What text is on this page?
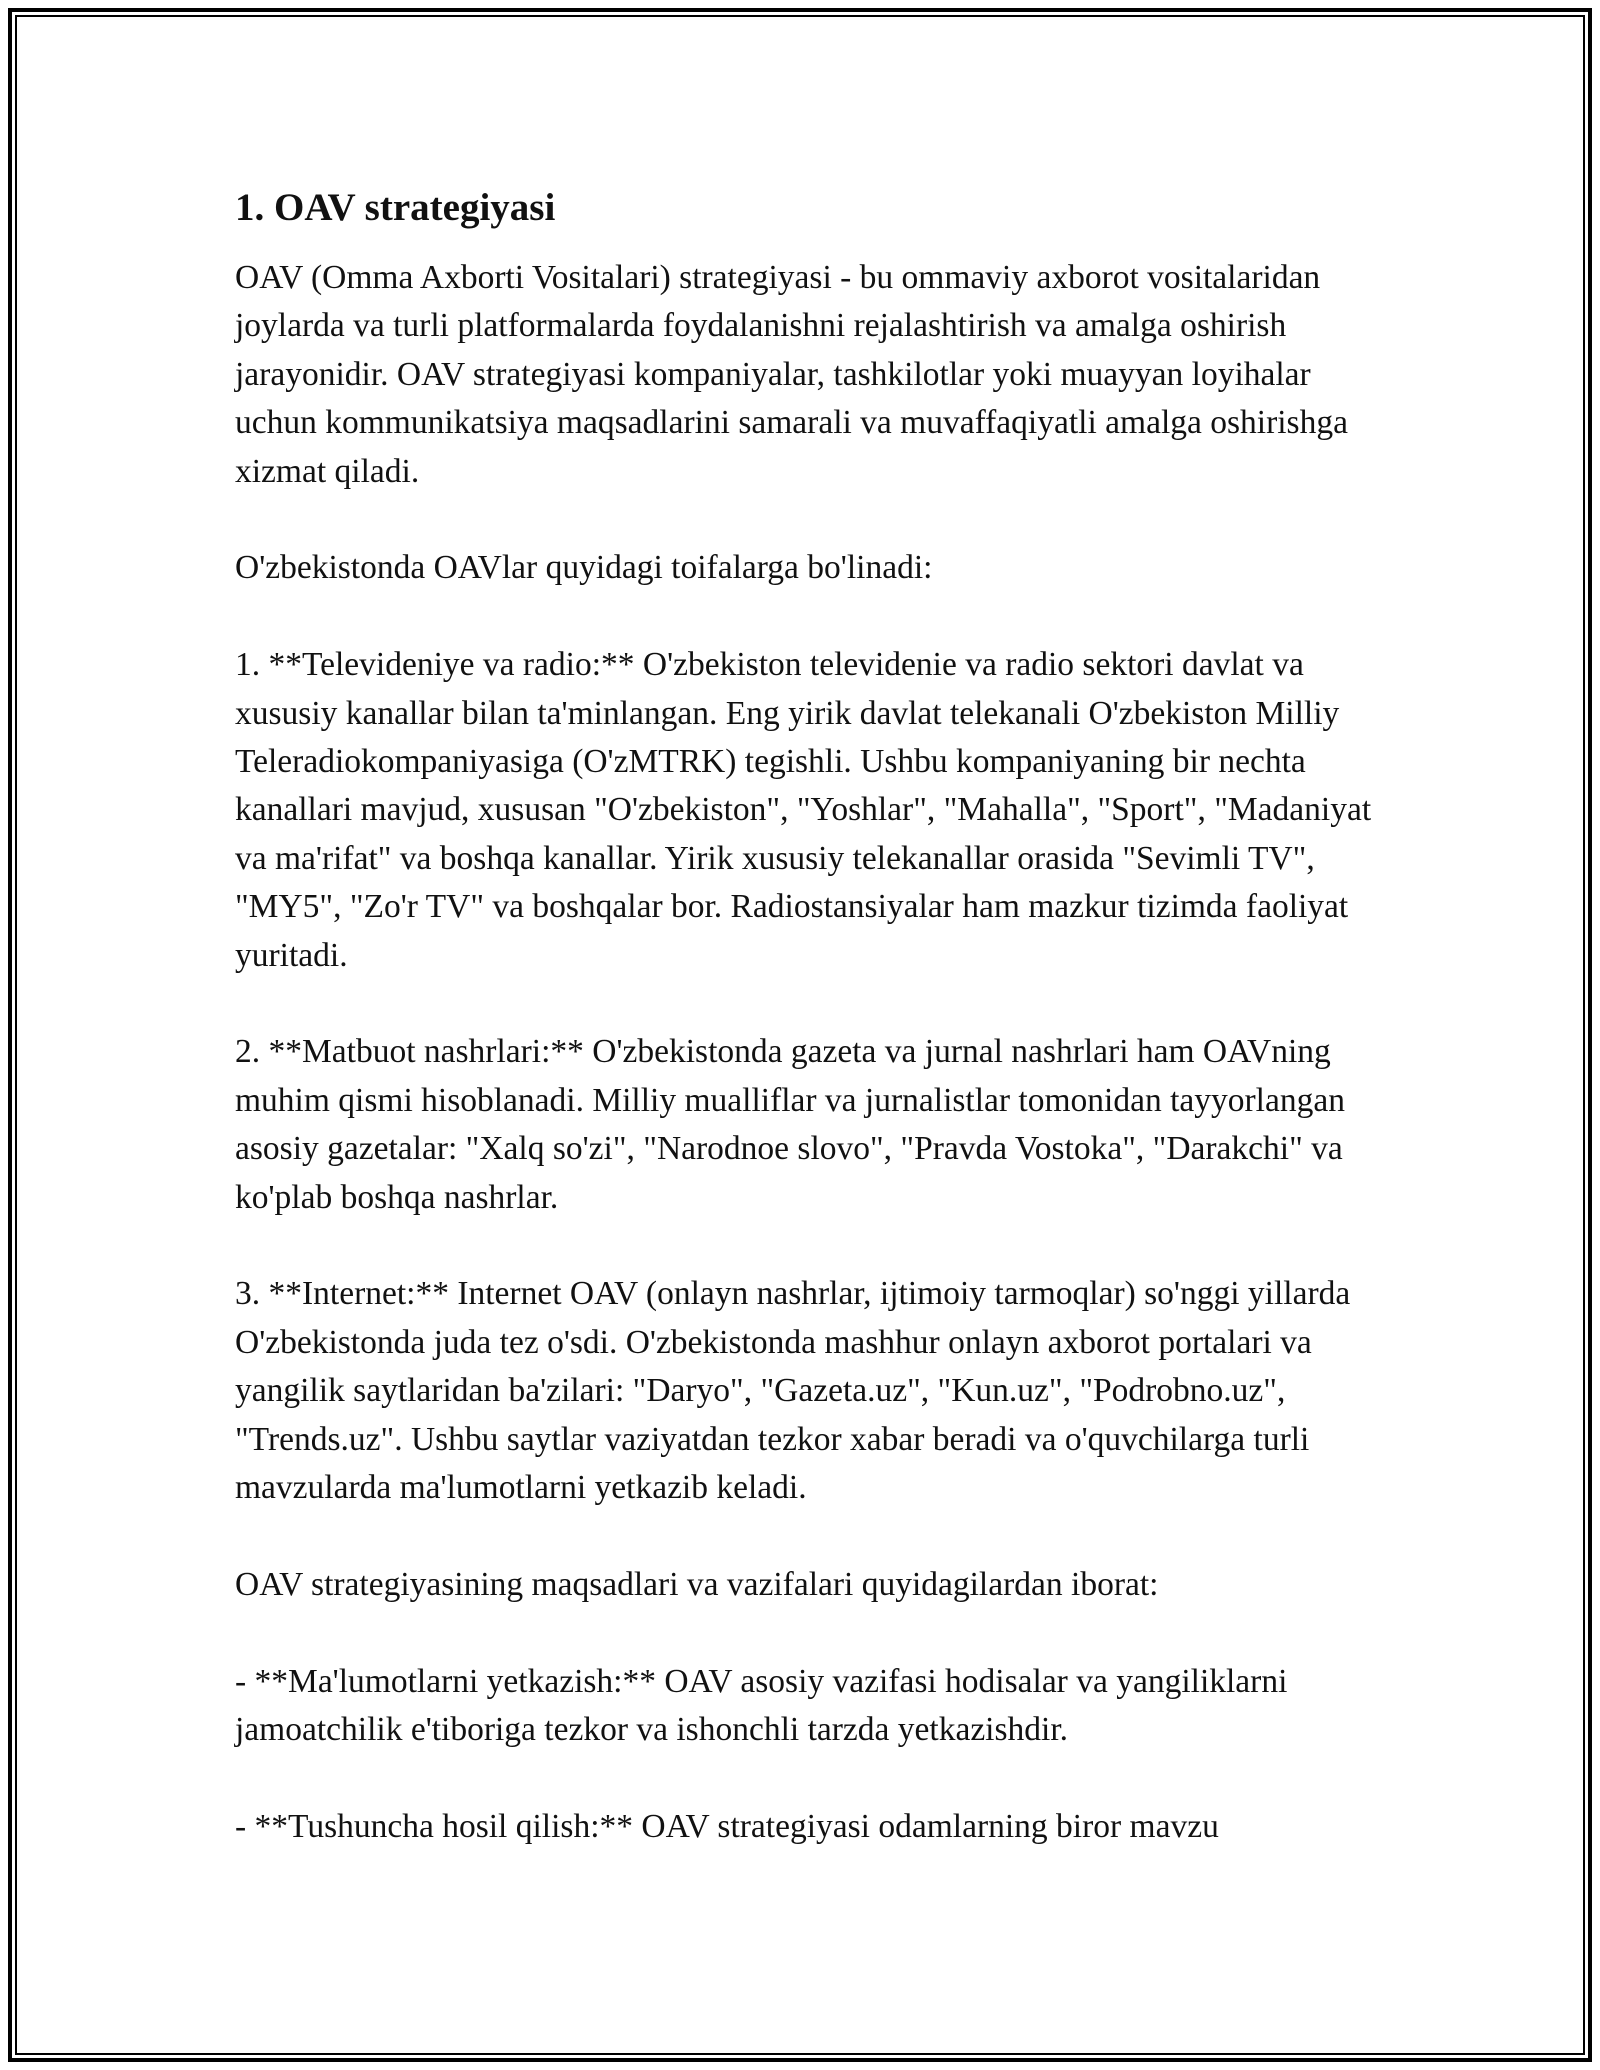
1. OAV strategiyasi

OAV (Omma Axborti Vositalari) strategiyasi - bu ommaviy axborot vositalaridan joylarda va turli platformalarda foydalanishni rejalashtirish va amalga oshirish jarayonidir. OAV strategiyasi kompaniyalar, tashkilotlar yoki muayyan loyihalar uchun kommunikatsiya maqsadlarini samarali va muvaffaqiyatli amalga oshirishga xizmat qiladi.

O'zbekistonda OAVlar quyidagi toifalarga bo'linadi:

1. **Televideniye va radio:** O'zbekiston televidenie va radio sektori davlat va xususiy kanallar bilan ta'minlangan. Eng yirik davlat telekanali O'zbekiston Milliy Teleradiokompaniyasiga (O'zMTRK) tegishli. Ushbu kompaniyaning bir nechta kanallari mavjud, xususan "O'zbekiston", "Yoshlar", "Mahalla", "Sport", "Madaniyat va ma'rifat" va boshqa kanallar. Yirik xususiy telekanallar orasida "Sevimli TV", "MY5", "Zo'r TV" va boshqalar bor. Radiostansiyalar ham mazkur tizimda faoliyat yuritadi.

2. **Matbuot nashrlari:** O'zbekistonda gazeta va jurnal nashrlari ham OAVning muhim qismi hisoblanadi. Milliy mualliflar va jurnalistlar tomonidan tayyorlangan asosiy gazetalar: "Xalq so'zi", "Narodnoe slovo", "Pravda Vostoka", "Darakchi" va ko'plab boshqa nashrlar.

3. **Internet:** Internet OAV (onlayn nashrlar, ijtimoiy tarmoqlar) so'nggi yillarda O'zbekistonda juda tez o'sdi. O'zbekistonda mashhur onlayn axborot portalari va yangilik saytlaridan ba'zilari: "Daryo", "Gazeta.uz", "Kun.uz", "Podrobno.uz", "Trends.uz". Ushbu saytlar vaziyatdan tezkor xabar beradi va o'quvchilarga turli mavzularda ma'lumotlarni yetkazib keladi.

OAV strategiyasining maqsadlari va vazifalari quyidagilardan iborat:

- **Ma'lumotlarni yetkazish:** OAV asosiy vazifasi hodisalar va yangiliklarni jamoatchilik e'tiboriga tezkor va ishonchli tarzda yetkazishdir.

- **Tushuncha hosil qilish:** OAV strategiyasi odamlarning biror mavzu
